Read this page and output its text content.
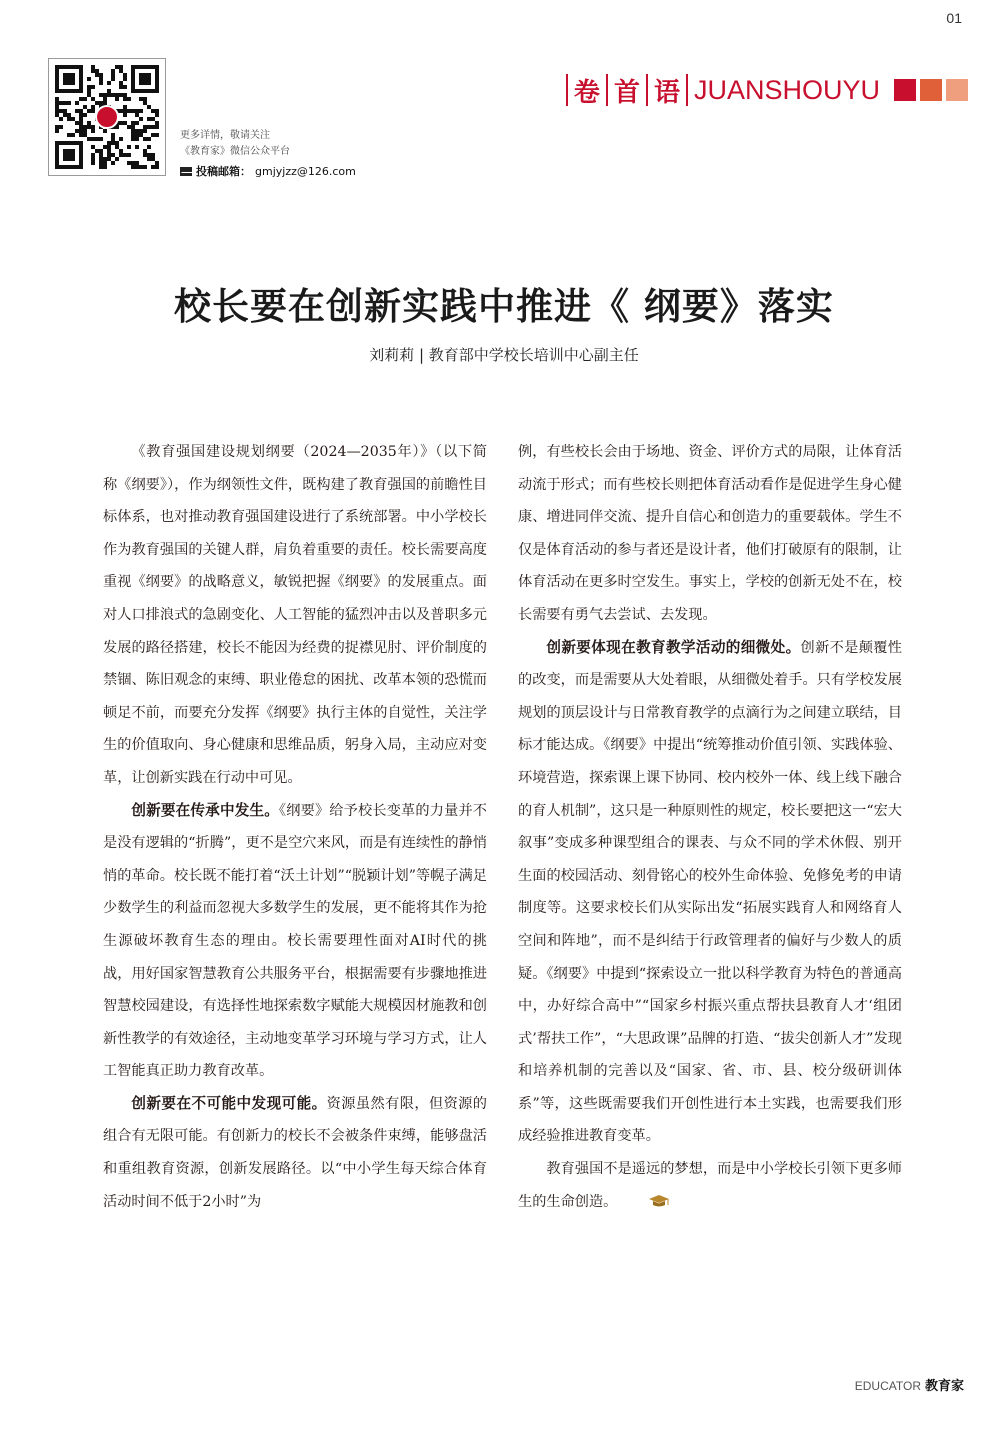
01
更多详情，敬请关注
《教育家》微信公众平台
投稿邮箱： gmjyjzz@126.com
卷 首 语 JUANSHOUYU
校长要在创新实践中推进《 纲要》落实
刘莉莉 | 教育部中学校长培训中心副主任

《教育强国建设规划纲要（2024—2035年）》（以下简称《纲要》），作为纲领性文件，既构建了教育强国的前瞻性目标体系，也对推动教育强国建设进行了系统部署。中小学校长作为教育强国的关键人群，肩负着重要的责任。校长需要高度重视《纲要》的战略意义，敏锐把握《纲要》的发展重点。面对人口排浪式的急剧变化、人工智能的猛烈冲击以及普职多元发展的路径搭建，校长不能因为经费的捉襟见肘、评价制度的禁锢、陈旧观念的束缚、职业倦怠的困扰、改革本领的恐慌而顿足不前，而要充分发挥《纲要》执行主体的自觉性，关注学生的价值取向、身心健康和思维品质，躬身入局，主动应对变革，让创新实践在行动中可见。

创新要在传承中发生。《纲要》给予校长变革的力量并不是没有逻辑的“折腾”，更不是空穴来风，而是有连续性的静悄悄的革命。校长既不能打着“沃土计划”“脱颖计划”等幌子满足少数学生的利益而忽视大多数学生的发展，更不能将其作为抢生源破坏教育生态的理由。校长需要理性面对AI时代的挑战，用好国家智慧教育公共服务平台，根据需要有步骤地推进智慧校园建设，有选择性地探索数字赋能大规模因材施教和创新性教学的有效途径，主动地变革学习环境与学习方式，让人工智能真正助力教育改革。

创新要在不可能中发现可能。资源虽然有限，但资源的组合有无限可能。有创新力的校长不会被条件束缚，能够盘活和重组教育资源，创新发展路径。以“中小学生每天综合体育活动时间不低于2小时”为

例，有些校长会由于场地、资金、评价方式的局限，让体育活动流于形式；而有些校长则把体育活动看作是促进学生身心健康、增进同伴交流、提升自信心和创造力的重要载体。学生不仅是体育活动的参与者还是设计者，他们打破原有的限制，让体育活动在更多时空发生。事实上，学校的创新无处不在，校长需要有勇气去尝试、去发现。

创新要体现在教育教学活动的细微处。创新不是颠覆性的改变，而是需要从大处着眼，从细微处着手。只有学校发展规划的顶层设计与日常教育教学的点滴行为之间建立联结，目标才能达成。《纲要》中提出“统筹推动价值引领、实践体验、环境营造，探索课上课下协同、校内校外一体、线上线下融合的育人机制”，这只是一种原则性的规定，校长要把这一“宏大叙事”变成多种课型组合的课表、与众不同的学术休假、别开生面的校园活动、刻骨铭心的校外生命体验、免修免考的申请制度等。这要求校长们从实际出发“拓展实践育人和网络育人空间和阵地”，而不是纠结于行政管理者的偏好与少数人的质疑。《纲要》中提到“探索设立一批以科学教育为特色的普通高中，办好综合高中”“国家乡村振兴重点帮扶县教育人才‘组团式’帮扶工作”，“大思政课”品牌的打造、“拔尖创新人才”发现和培养机制的完善以及“国家、省、市、县、校分级研训体系”等，这些既需要我们开创性进行本土实践，也需要我们形成经验推进教育变革。

教育强国不是遥远的梦想，而是中小学校长引领下更多师生的生命创造。

EDUCATOR 教育家
